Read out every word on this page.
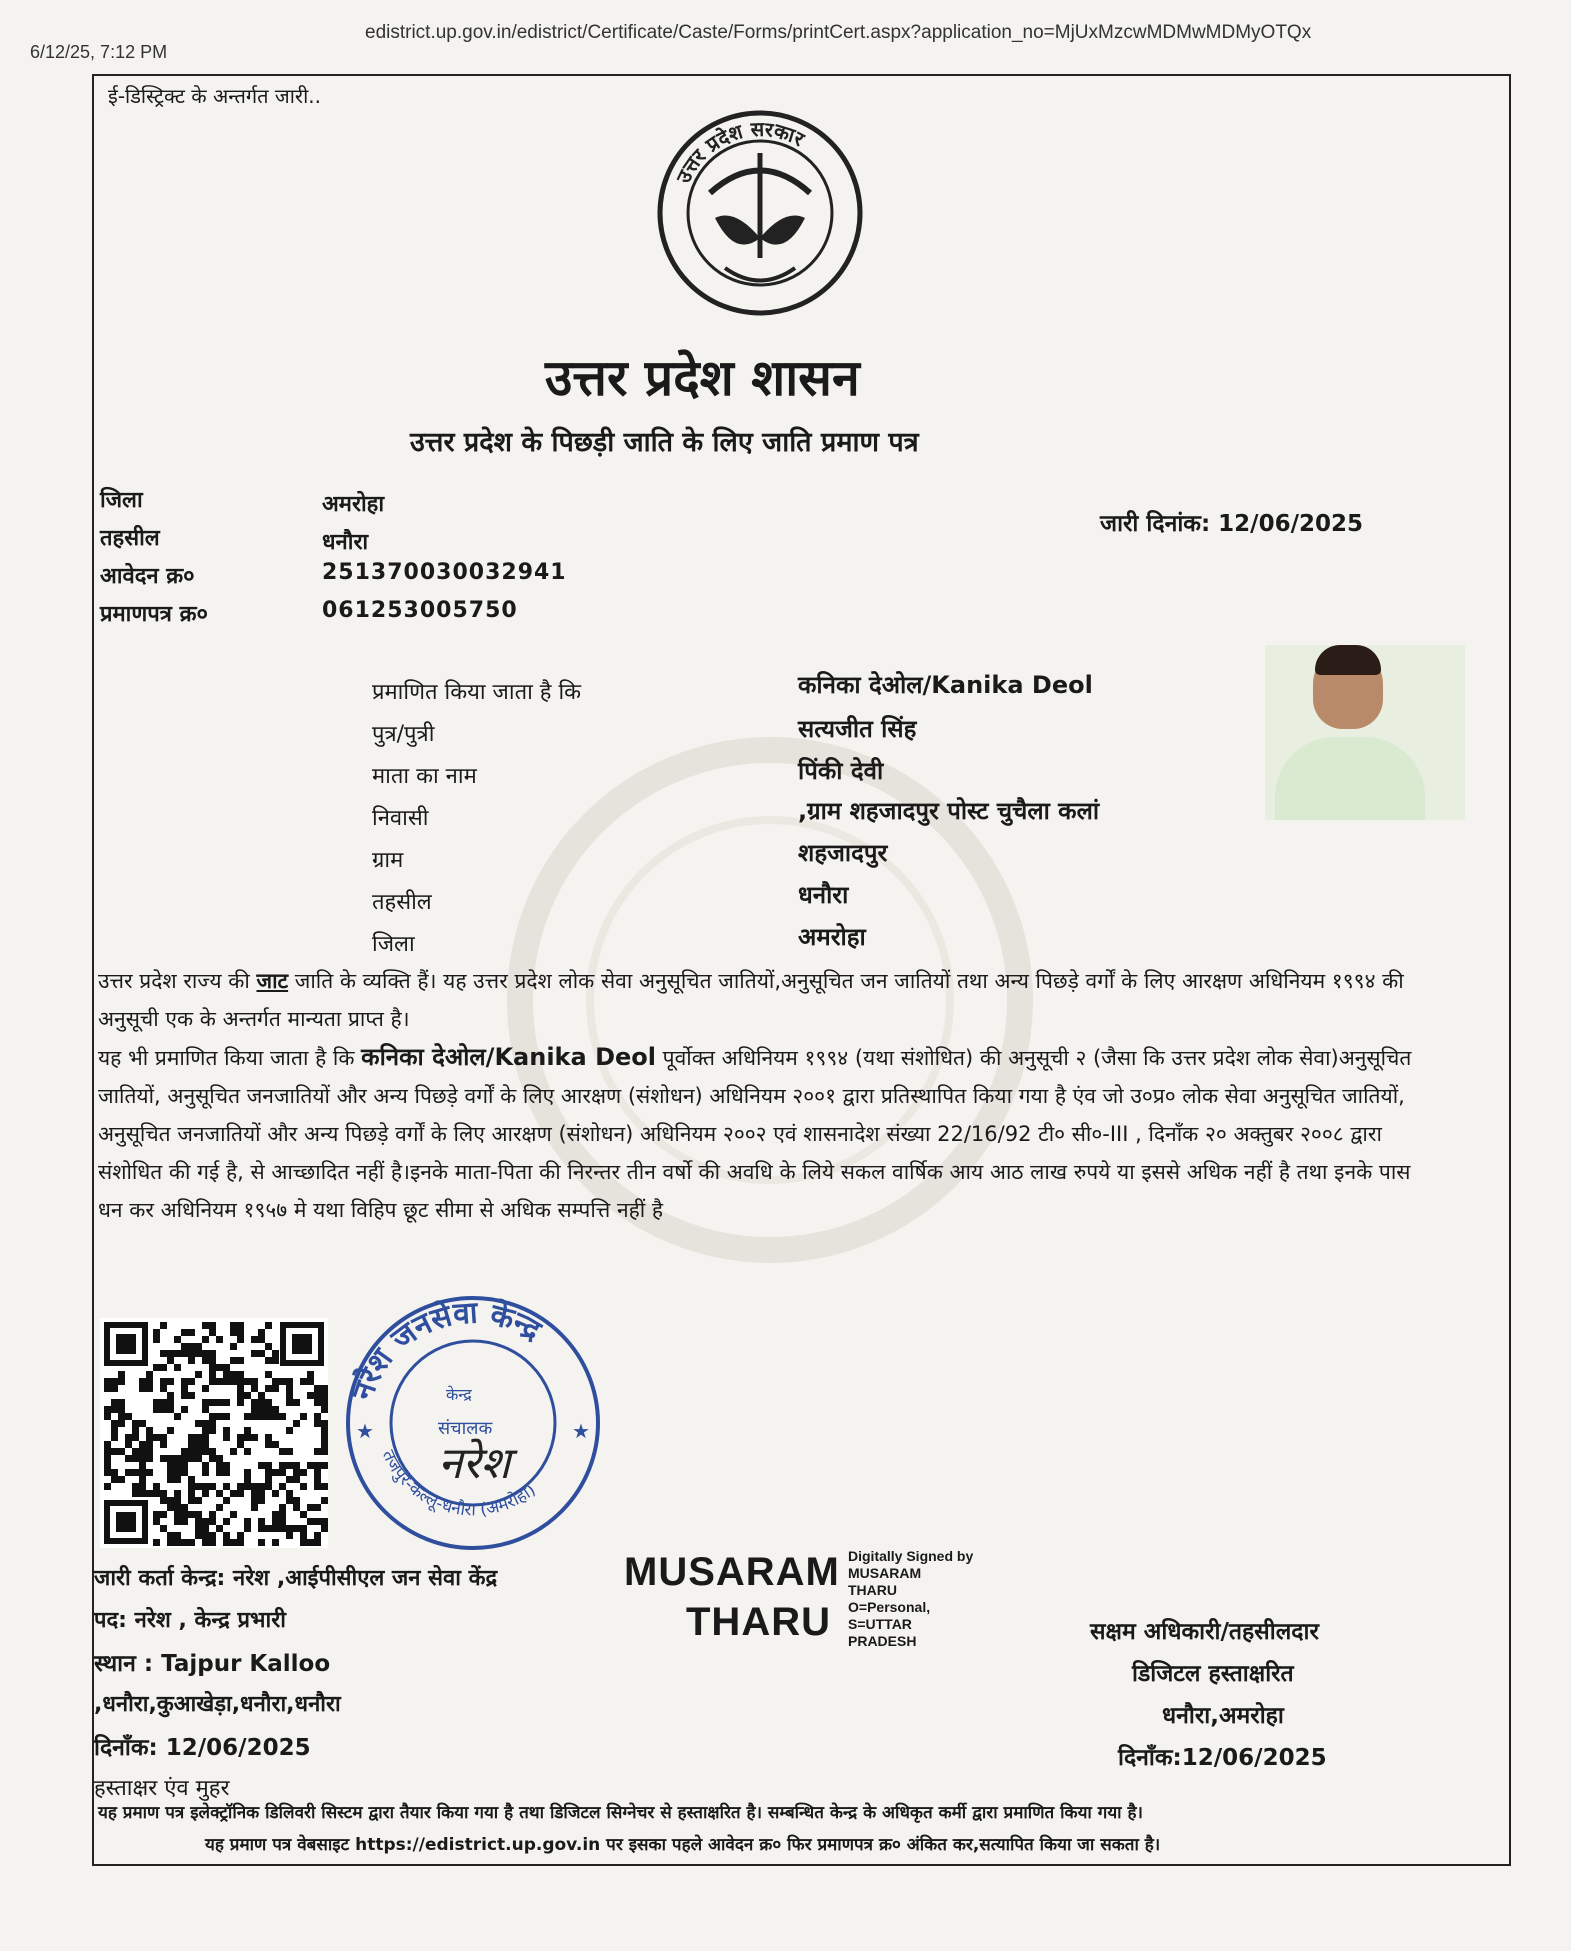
6/12/25, 7:12 PM
edistrict.up.gov.in/edistrict/Certificate/Caste/Forms/printCert.aspx?application_no=MjUxMzcwMDMwMDMyOTQx
ई-डिस्ट्रिक्ट के अन्तर्गत जारी..
उत्तर प्रदेश सरकार
उत्तर प्रदेश शासन
उत्तर प्रदेश के पिछड़ी जाति के लिए जाति प्रमाण पत्र
जिला	अमरोहा
तहसील	धनौरा
आवेदन क्र०	251370030032941
प्रमाणपत्र क्र०	061253005750
जारी दिनांक: 12/06/2025
प्रमाणित किया जाता है कि	कनिका देओल/Kanika Deol
पुत्र/पुत्री	सत्यजीत सिंह
माता का नाम	पिंकी देवी
निवासी	,ग्राम शहजादपुर पोस्ट चुचैला कलां
ग्राम	शहजादपुर
तहसील	धनौरा
जिला	अमरोहा
उत्तर प्रदेश राज्य की जाट जाति के व्यक्ति हैं। यह उत्तर प्रदेश लोक सेवा अनुसूचित जातियों,अनुसूचित जन जातियों तथा अन्य पिछड़े वर्गों के लिए आरक्षण अधिनियम १९९४ की अनुसूची एक के अन्तर्गत मान्यता प्राप्त है।
यह भी प्रमाणित किया जाता है कि कनिका देओल/Kanika Deol पूर्वोक्त अधिनियम १९९४ (यथा संशोधित) की अनुसूची २ (जैसा कि उत्तर प्रदेश लोक सेवा)अनुसूचित जातियों, अनुसूचित जनजातियों और अन्य पिछड़े वर्गों के लिए आरक्षण (संशोधन) अधिनियम २००१ द्वारा प्रतिस्थापित किया गया है एंव जो उ०प्र० लोक सेवा अनुसूचित जातियों, अनुसूचित जनजातियों और अन्य पिछड़े वर्गों के लिए आरक्षण (संशोधन) अधिनियम २००२ एवं शासनादेश संख्या 22/16/92 टी० सी०-III , दिनाँक २० अक्तुबर २००८ द्वारा संशोधित की गई है, से आच्छादित नहीं है।इनके माता-पिता की निरन्तर तीन वर्षो की अवधि के लिये सकल वार्षिक आय आठ लाख रुपये या इससे अधिक नहीं है तथा इनके पास धन कर अधिनियम १९५७ मे यथा विहिप छूट सीमा से अधिक सम्पत्ति नहीं है
नरेश जनसेवा केन्द्र
तजपुर-कल्लू-धनौरा (अमरोहा)
★	★
केन्द्र
संचालक
नरेश
जारी कर्ता केन्द्र: नरेश ,आईपीसीएल जन सेवा केंद्र
पद: नरेश , केन्द्र प्रभारी
स्थान : Tajpur Kalloo
,धनौरा,कुआखेड़ा,धनौरा,धनौरा
दिनाँक: 12/06/2025
हस्ताक्षर एंव मुहर
MUSARAM
THARU
Digitally Signed by
MUSARAM
THARU
O=Personal,
S=UTTAR
PRADESH	सक्षम अधिकारी/तहसीलदार
डिजिटल हस्ताक्षरित
धनौरा,अमरोहा
दिनाँक:12/06/2025
यह प्रमाण पत्र इलेक्ट्रॉनिक डिलिवरी सिस्टम द्वारा तैयार किया गया है तथा डिजिटल सिग्नेचर से हस्ताक्षरित है। सम्बन्धित केन्द्र के अधिकृत कर्मी द्वारा प्रमाणित किया गया है।
यह प्रमाण पत्र वेबसाइट https://edistrict.up.gov.in पर इसका पहले आवेदन क्र० फिर प्रमाणपत्र क्र० अंकित कर,सत्यापित किया जा सकता है।
